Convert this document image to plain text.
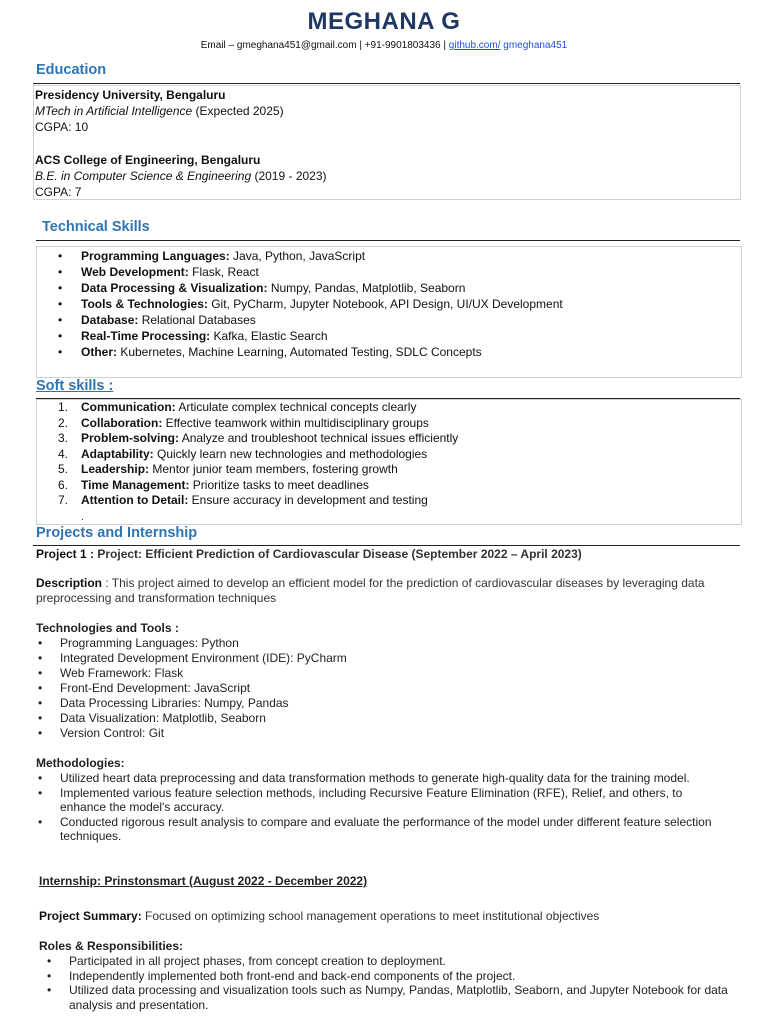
MEGHANA G
Email – gmeghana451@gmail.com | +91-9901803436 | github.com/ gmeghana451
Education
Presidency University, Bengaluru
MTech in Artificial Intelligence (Expected 2025)
CGPA: 10
ACS College of Engineering, Bengaluru
B.E. in Computer Science & Engineering (2019 - 2023)
CGPA: 7
Technical Skills
• Programming Languages: Java, Python, JavaScript
• Web Development: Flask, React
• Data Processing & Visualization: Numpy, Pandas, Matplotlib, Seaborn
• Tools & Technologies: Git, PyCharm, Jupyter Notebook, API Design, UI/UX Development
• Database: Relational Databases
• Real-Time Processing: Kafka, Elastic Search
• Other: Kubernetes, Machine Learning, Automated Testing, SDLC Concepts
Soft skills :
1. Communication: Articulate complex technical concepts clearly
2. Collaboration: Effective teamwork within multidisciplinary groups
3. Problem-solving: Analyze and troubleshoot technical issues efficiently
4. Adaptability: Quickly learn new technologies and methodologies
5. Leadership: Mentor junior team members, fostering growth
6. Time Management: Prioritize tasks to meet deadlines
7. Attention to Detail: Ensure accuracy in development and testing
.
Projects and Internship
Project 1 : Project: Efficient Prediction of Cardiovascular Disease (September 2022 – April 2023)
Description : This project aimed to develop an efficient model for the prediction of cardiovascular diseases by leveraging data preprocessing and transformation techniques
Technologies and Tools :
• Programming Languages: Python
• Integrated Development Environment (IDE): PyCharm
• Web Framework: Flask
• Front-End Development: JavaScript
• Data Processing Libraries: Numpy, Pandas
• Data Visualization: Matplotlib, Seaborn
• Version Control: Git
Methodologies:
• Utilized heart data preprocessing and data transformation methods to generate high-quality data for the training model.
• Implemented various feature selection methods, including Recursive Feature Elimination (RFE), Relief, and others, to enhance the model's accuracy.
• Conducted rigorous result analysis to compare and evaluate the performance of the model under different feature selection techniques.
Internship: Prinstonsmart (August 2022 - December 2022)
Project Summary: Focused on optimizing school management operations to meet institutional objectives
Roles & Responsibilities:
• Participated in all project phases, from concept creation to deployment.
• Independently implemented both front-end and back-end components of the project.
• Utilized data processing and visualization tools such as Numpy, Pandas, Matplotlib, Seaborn, and Jupyter Notebook for data analysis and presentation.
